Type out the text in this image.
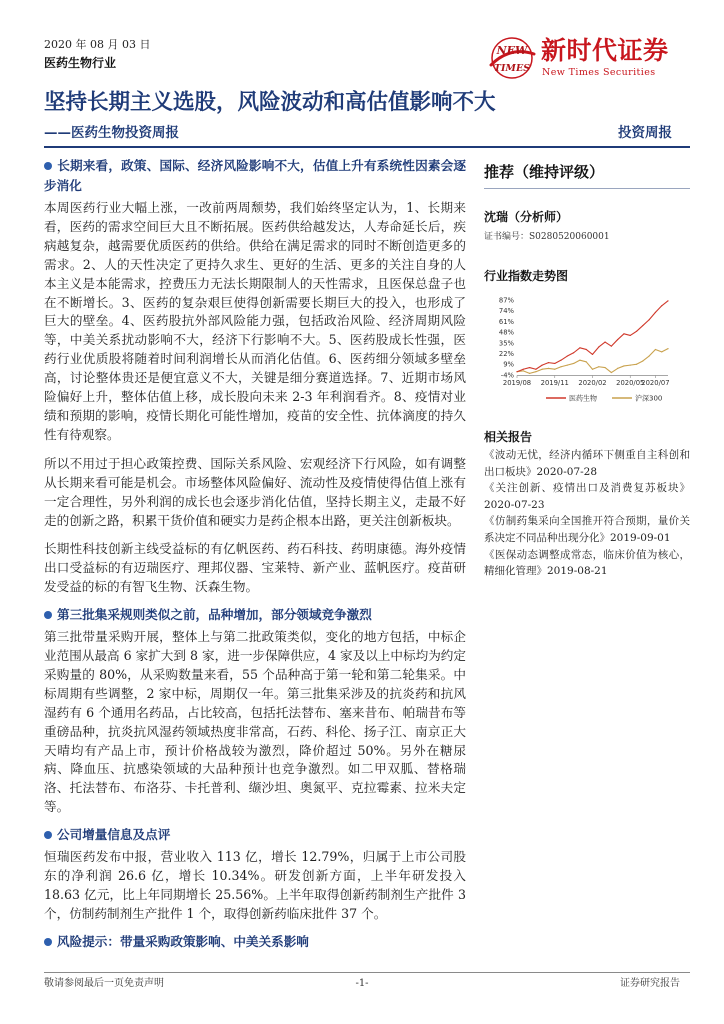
2020 年 08 月 03 日
医药生物行业
NEW
TIMES
新时代证券
New Times Securities
坚持长期主义选股，风险波动和高估值影响不大
——医药生物投资周报	投资周报
长期来看，政策、国际、经济风险影响不大，估值上升有系统性因素会逐步消化

本周医药行业大幅上涨，一改前两周颓势，我们始终坚定认为，1、长期来看，医药的需求空间巨大且不断拓展。医药供给越发达，人寿命延长后，疾病越复杂，越需要优质医药的供给。供给在满足需求的同时不断创造更多的需求。2、人的天性决定了更持久求生、更好的生活、更多的关注自身的人本主义是本能需求，控费压力无法长期限制人的天性需求，且医保总盘子也在不断增长。3、医药的复杂艰巨使得创新需要长期巨大的投入，也形成了巨大的壁垒。4、医药股抗外部风险能力强，包括政治风险、经济周期风险等，中美关系扰动影响不大，经济下行影响不大。5、医药股成长性强，医药行业优质股将随着时间利润增长从而消化估值。6、医药细分领域多壁垒高，讨论整体贵还是便宜意义不大，关键是细分赛道选择。7、近期市场风险偏好上升，整体估值上移，成长股向未来 2-3 年利润看齐。8、疫情对业绩和预期的影响，疫情长期化可能性增加，疫苗的安全性、抗体滴度的持久性有待观察。

所以不用过于担心政策控费、国际关系风险、宏观经济下行风险，如有调整从长期来看可能是机会。市场整体风险偏好、流动性及疫情使得估值上涨有一定合理性，另外利润的成长也会逐步消化估值，坚持长期主义，走最不好走的创新之路，积累干货价值和硬实力是药企根本出路，更关注创新板块。

长期性科技创新主线受益标的有亿帆医药、药石科技、药明康德。海外疫情出口受益标的有迈瑞医疗、理邦仪器、宝莱特、新产业、蓝帆医疗。疫苗研发受益的标的有智飞生物、沃森生物。

第三批集采规则类似之前，品种增加，部分领域竞争激烈

第三批带量采购开展，整体上与第二批政策类似，变化的地方包括，中标企业范围从最高 6 家扩大到 8 家，进一步保障供应，4 家及以上中标均为约定采购量的 80%，从采购数量来看，55 个品种高于第一轮和第二轮集采。中标周期有些调整，2 家中标，周期仅一年。第三批集采涉及的抗炎药和抗风湿药有 6 个通用名药品，占比较高，包括托法替布、塞来昔布、帕瑞昔布等重磅品种，抗炎抗风湿药领域热度非常高，石药、科伦、扬子江、南京正大天晴均有产品上市，预计价格战较为激烈，降价超过 50%。另外在糖尿病、降血压、抗感染领域的大品种预计也竞争激烈。如二甲双胍、替格瑞洛、托法替布、布洛芬、卡托普利、缬沙坦、奥氮平、克拉霉素、拉米夫定等。

公司增量信息及点评

恒瑞医药发布中报，营业收入 113 亿，增长 12.79%，归属于上市公司股东的净利润 26.6 亿，增长 10.34%。研发创新方面，上半年研发投入 18.63 亿元，比上年同期增长 25.56%。上半年取得创新药制剂生产批件 3 个，仿制药制剂生产批件 1 个，取得创新药临床批件 37 个。

风险提示：带量采购政策影响、中美关系影响
推荐（维持评级）
沈瑞（分析师）
证书编号：S0280520060001
行业指数走势图
87%
74%
61%
48%
35%
22%
9%
-4%
2019/08 2019/11 2020/02 2020/05
2020/07
医药生物	沪深300
相关报告
《波动无忧，经济内循环下侧重自主科创和出口板块》2020-07-28
《关注创新、疫情出口及消费复苏板块》2020-07-23
《仿制药集采向全国推开符合预期，量价关系决定不同品种出现分化》2019-09-01
《医保动态调整成常态，临床价值为核心，精细化管理》2019-08-21
敬请参阅最后一页免责声明	-1-	证券研究报告
